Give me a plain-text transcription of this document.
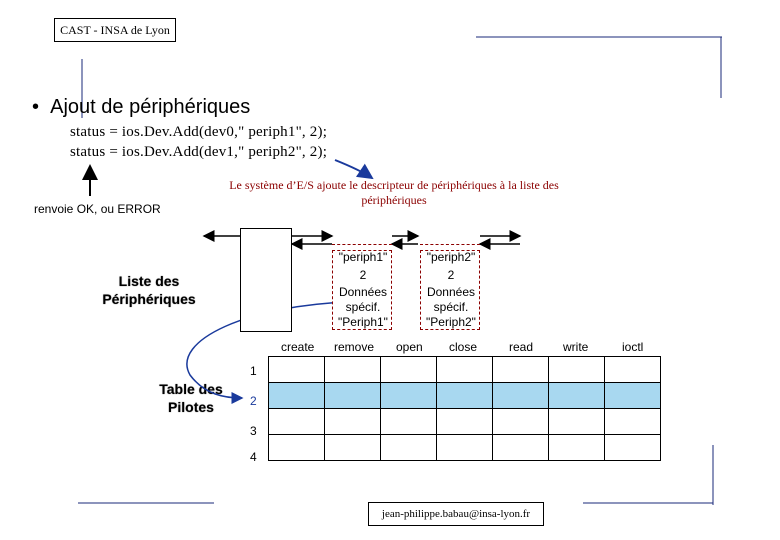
CAST - INSA de Lyon
•  Ajout de périphériques
status = ios.Dev.Add(dev0," periph1", 2);
status = ios.Dev.Add(dev1," periph2", 2);
Le système d’E/S ajoute le descripteur de périphériques à la liste des périphériques
renvoie OK, ou ERROR
Liste des
Périphériques
Table des
Pilotes
"periph1"
2
Données
spécif.
"Periph1"
"periph2"
2
Données
spécif.
"Periph2"
create remove open close	read write	ioctl
1
2
3
4

jean-philippe.babau@insa-lyon.fr
